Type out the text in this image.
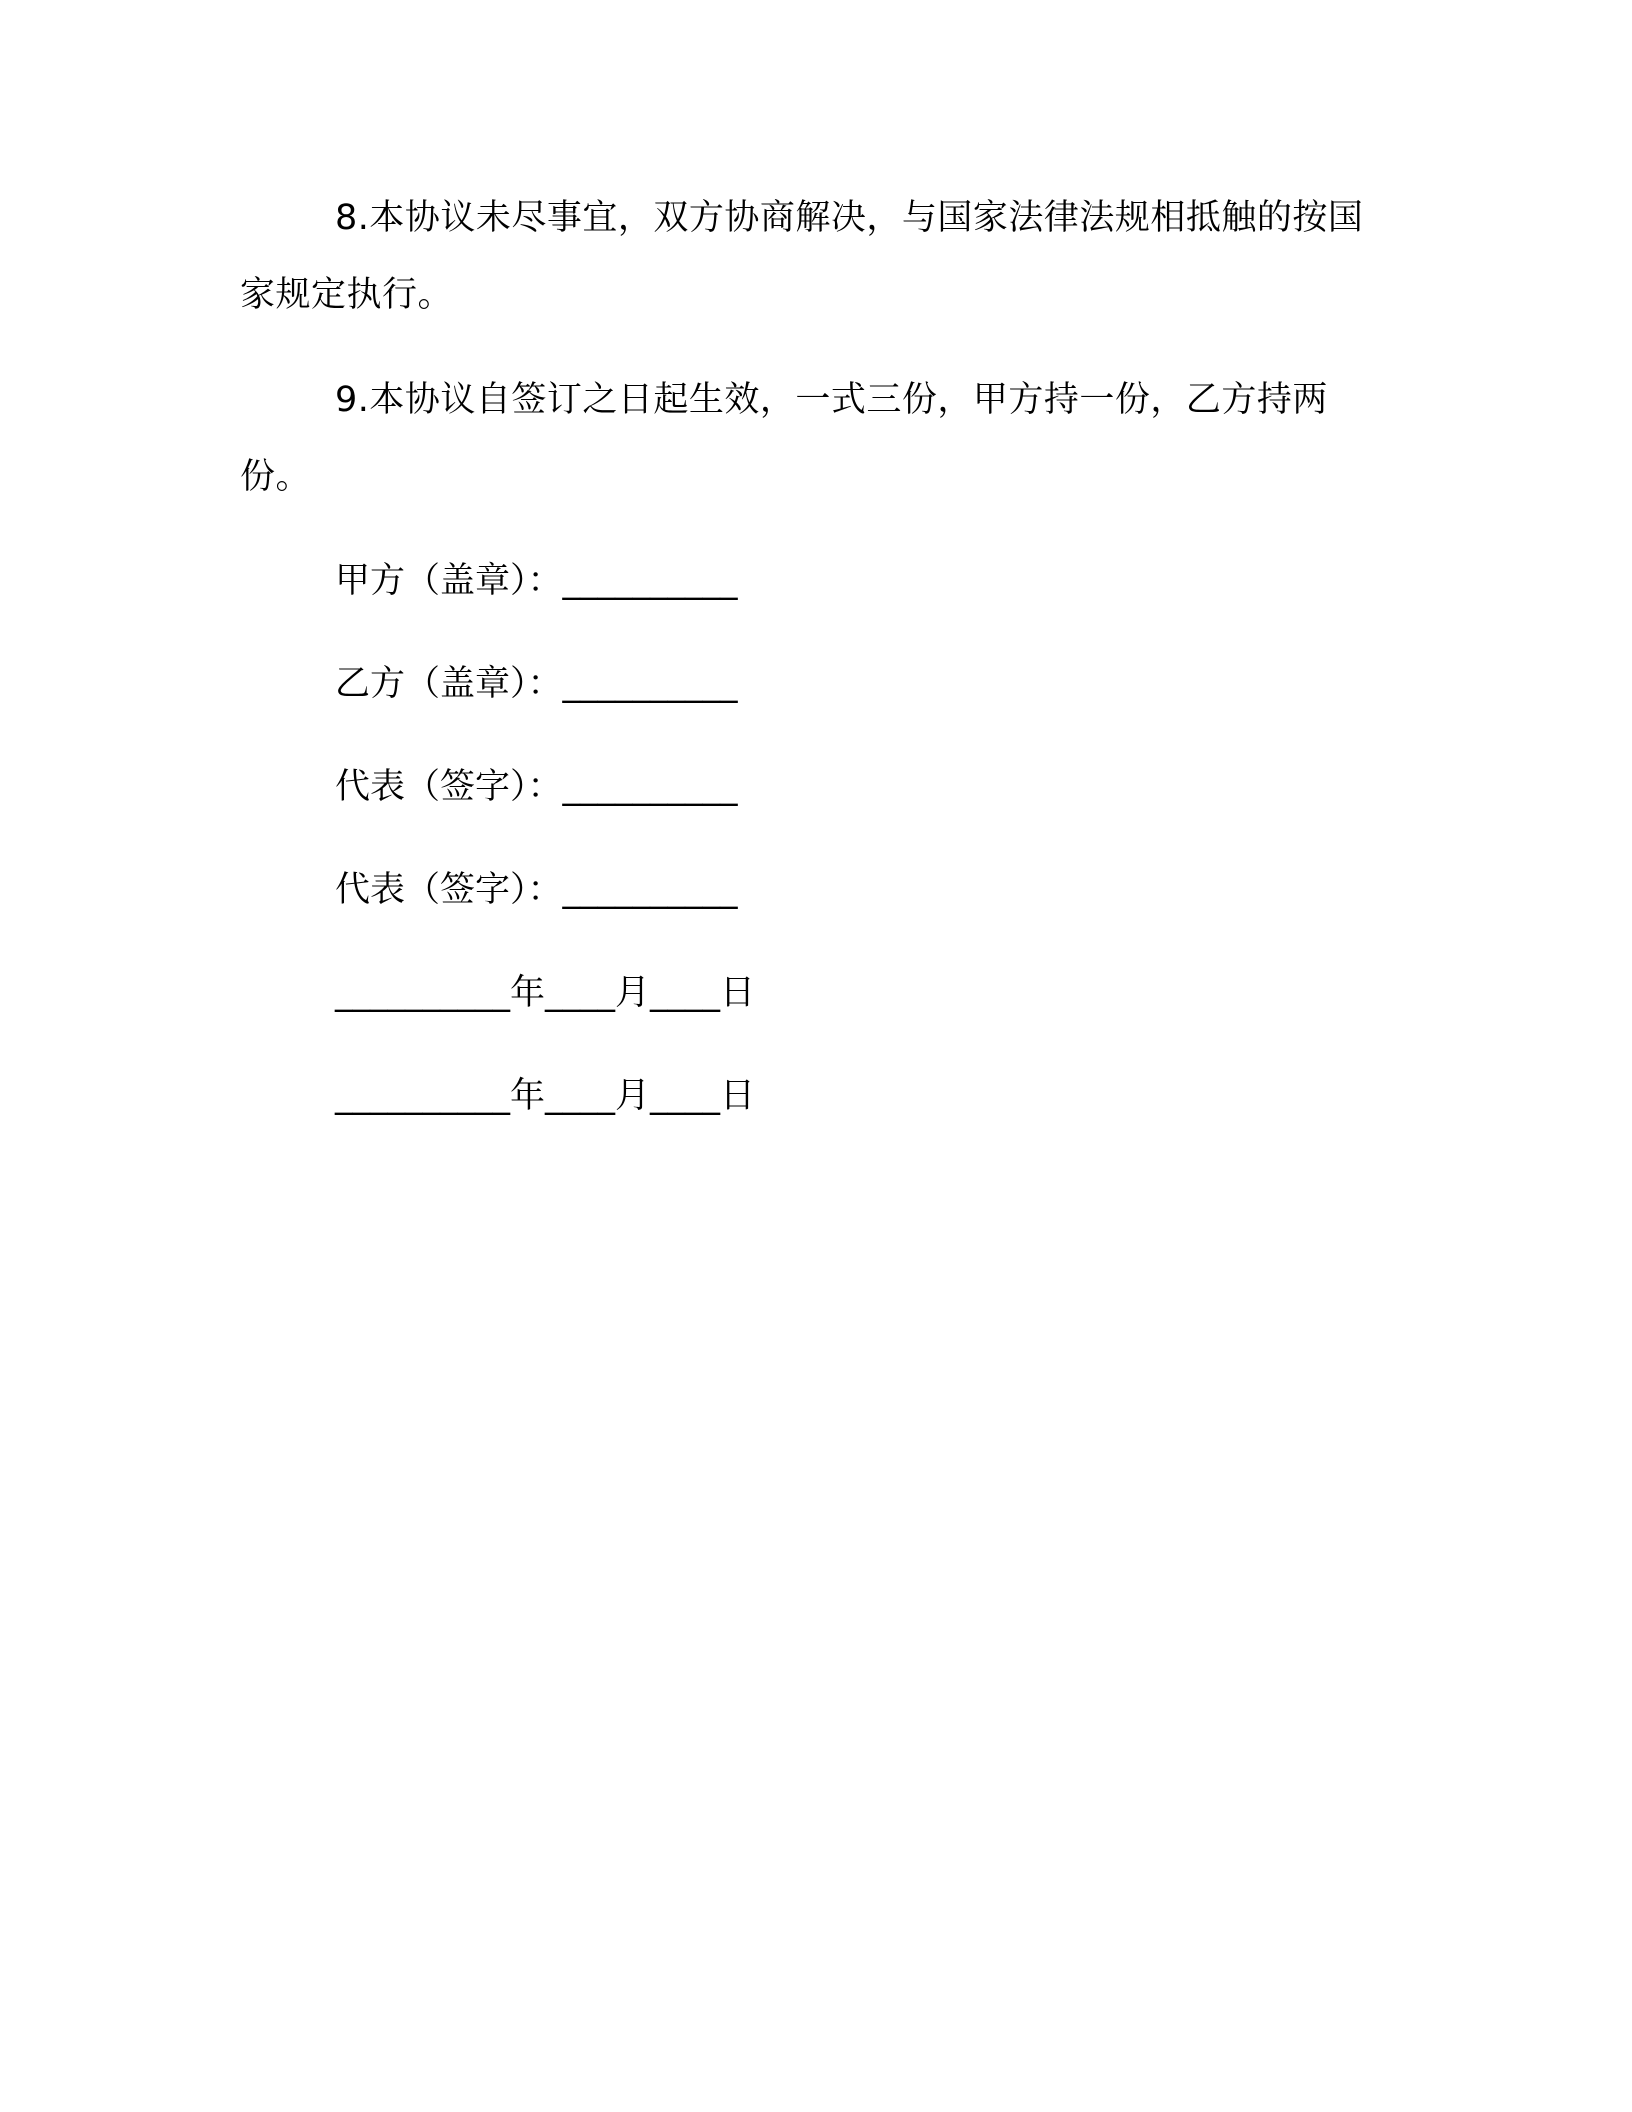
8.本协议未尽事宜，双方协商解决，与国家法律法规相抵触的按国家规定执行。

9.本协议自签订之日起生效，一式三份，甲方持一份，乙方持两份。

甲方（盖章）：__________

乙方（盖章）：__________

代表（签字）：__________

代表（签字）：__________

__________年____月____日

__________年____月____日
